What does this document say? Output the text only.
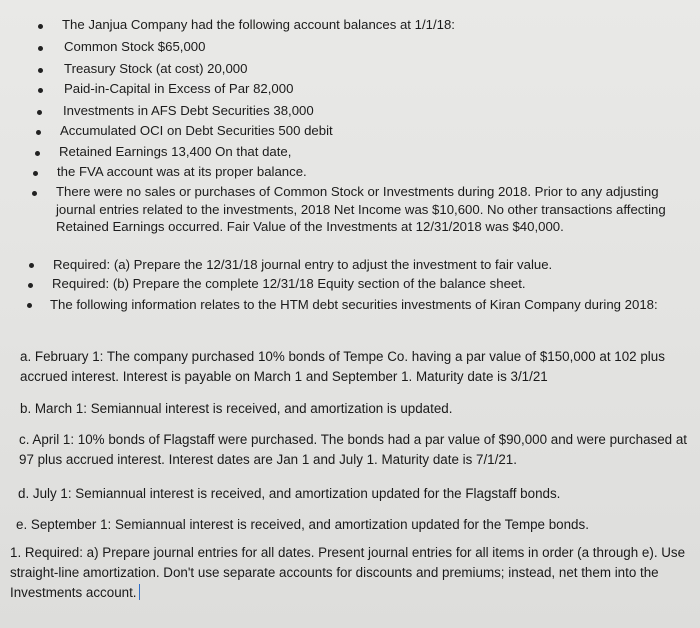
The Janjua Company had the following account balances at 1/1/18:
Common Stock $65,000
Treasury Stock (at cost) 20,000
Paid-in-Capital in Excess of Par 82,000
Investments in AFS Debt Securities 38,000
Accumulated OCI on Debt Securities 500 debit
Retained Earnings 13,400 On that date,
the FVA account was at its proper balance.
There were no sales or purchases of Common Stock or Investments during 2018. Prior to any adjusting journal entries related to the investments, 2018 Net Income was $10,600. No other transactions affecting Retained Earnings occurred. Fair Value of the Investments at 12/31/2018 was $40,000.
Required: (a) Prepare the 12/31/18 journal entry to adjust the investment to fair value.
Required: (b) Prepare the complete 12/31/18 Equity section of the balance sheet.
The following information relates to the HTM debt securities investments of Kiran Company during 2018:
a. February 1: The company purchased 10% bonds of Tempe Co. having a par value of $150,000 at 102 plus accrued interest. Interest is payable on March 1 and September 1. Maturity date is 3/1/21
b. March 1: Semiannual interest is received, and amortization is updated.
c. April 1: 10% bonds of Flagstaff were purchased. The bonds had a par value of $90,000 and were purchased at 97 plus accrued interest. Interest dates are Jan 1 and July 1. Maturity date is 7/1/21.
d. July 1: Semiannual interest is received, and amortization updated for the Flagstaff bonds.
e. September 1: Semiannual interest is received, and amortization updated for the Tempe bonds.
1. Required: a) Prepare journal entries for all dates. Present journal entries for all items in order (a through e). Use straight-line amortization. Don't use separate accounts for discounts and premiums; instead, net them into the Investments account.
